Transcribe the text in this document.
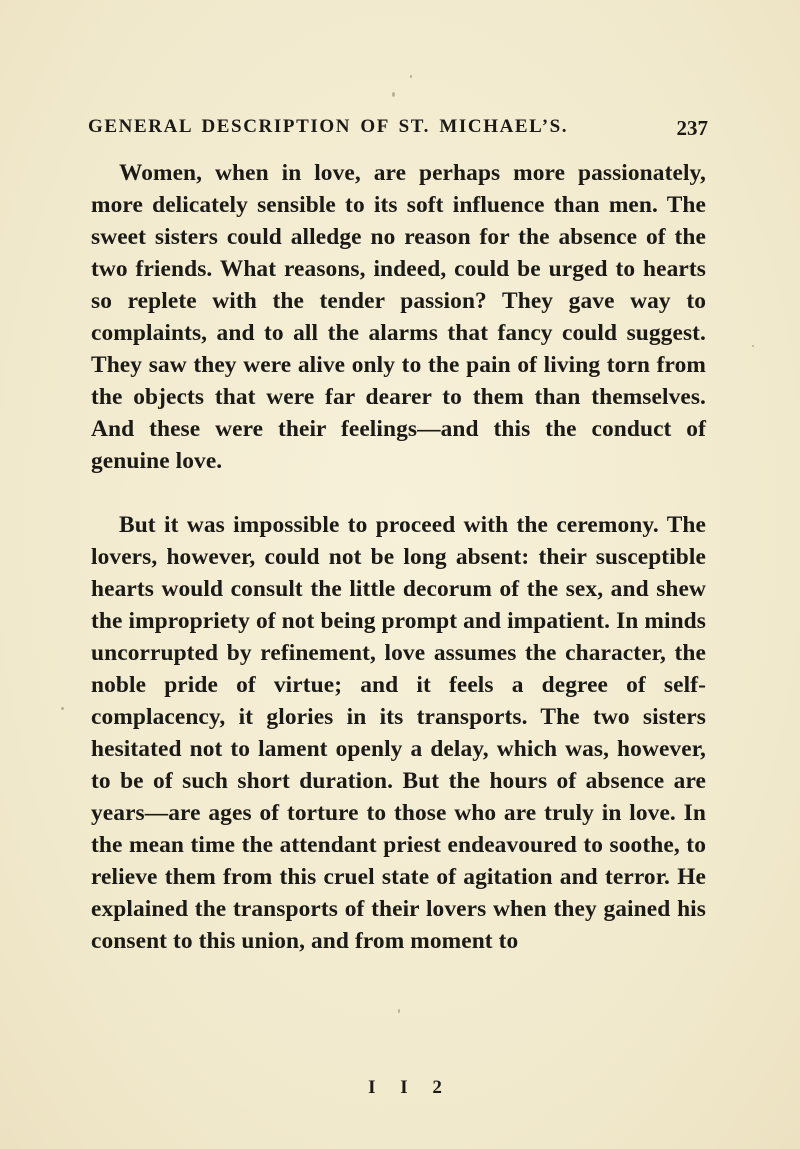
GENERAL DESCRIPTION OF ST. MICHAEL’S.	237

Women, when in love, are perhaps more passionately, more delicately sensible to its soft influence than men. The sweet sisters could alledge no reason for the absence of the two friends. What reasons, indeed, could be urged to hearts so replete with the tender passion? They gave way to complaints, and to all the alarms that fancy could suggest. They saw they were alive only to the pain of living torn from the objects that were far dearer to them than themselves. And these were their feelings—and this the conduct of genuine love.

But it was impossible to proceed with the ceremony. The lovers, however, could not be long absent: their susceptible hearts would consult the little decorum of the sex, and shew the impropriety of not being prompt and impatient. In minds uncorrupted by refinement, love assumes the character, the noble pride of virtue; and it feels a degree of self-complacency, it glories in its transports. The two sisters hesitated not to lament openly a delay, which was, however, to be of such short duration. But the hours of absence are years—are ages of torture to those who are truly in love. In the mean time the attendant priest endeavoured to soothe, to relieve them from this cruel state of agitation and terror. He explained the transports of their lovers when they gained his consent to this union, and from moment to

I I 2
